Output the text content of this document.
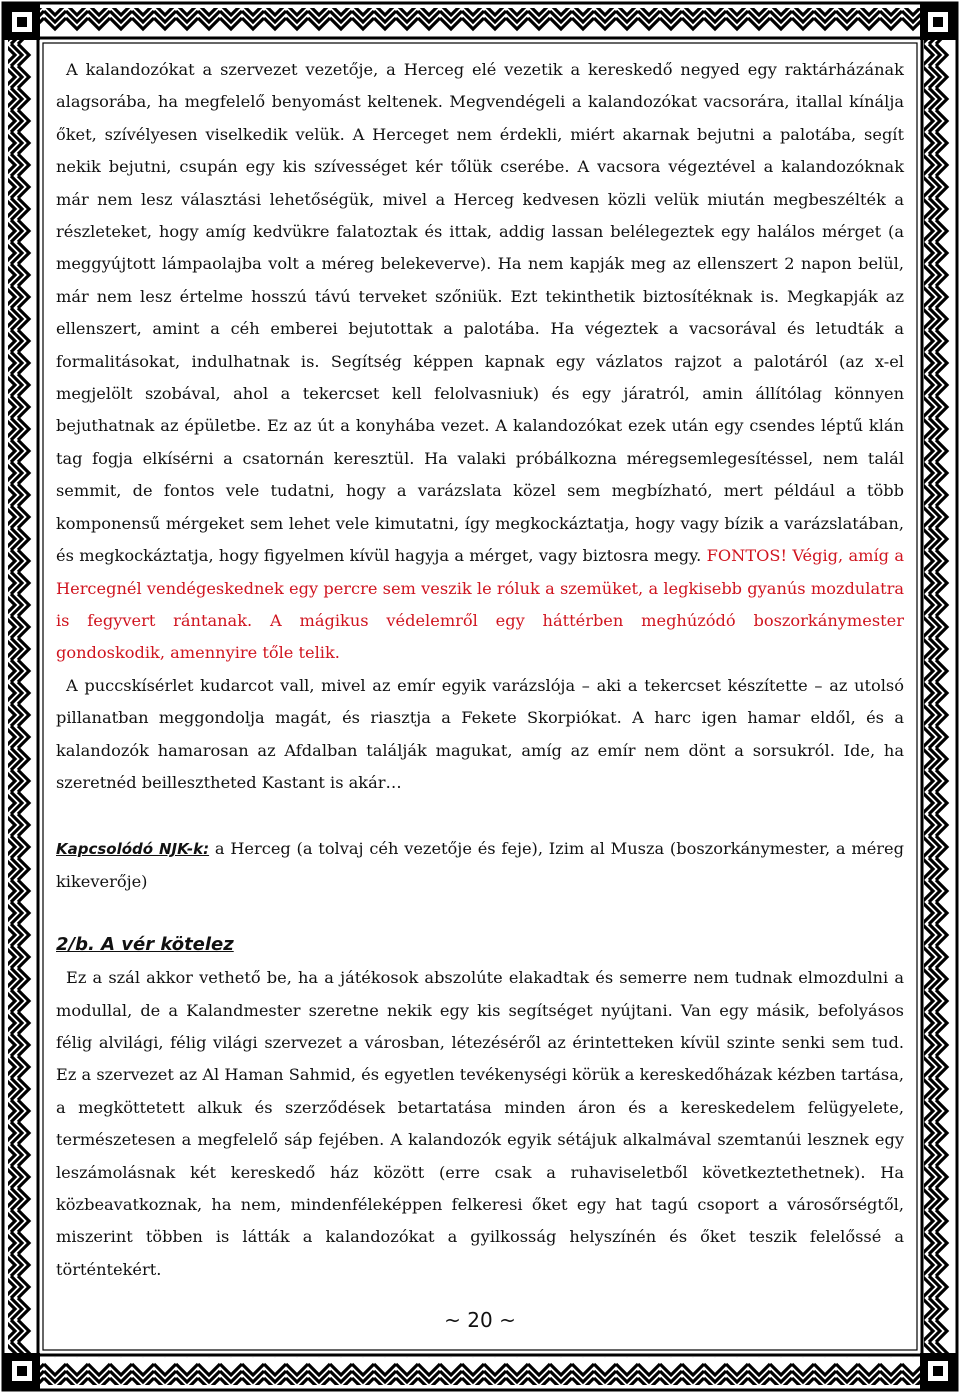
A kalandozókat a szervezet vezetője, a Herceg elé vezetik a kereskedő negyed egy raktárházának alagsorába, ha megfelelő benyomást keltenek. Megvendégeli a kalandozókat vacsorára, itallal kínálja őket, szívélyesen viselkedik velük. A Herceget nem érdekli, miért akarnak bejutni a palotába, segít nekik bejutni, csupán egy kis szívességet kér tőlük cserébe. A vacsora végeztével a kalandozóknak már nem lesz választási lehetőségük, mivel a Herceg kedvesen közli velük miután megbeszélték a részleteket, hogy amíg kedvükre falatoztak és ittak, addig lassan belélegeztek egy halálos mérget (a meggyújtott lámpaolajba volt a méreg belekeverve). Ha nem kapják meg az ellenszert 2 napon belül, már nem lesz értelme hosszú távú terveket szőniük. Ezt tekinthetik biztosítéknak is. Megkapják az ellenszert, amint a céh emberei bejutottak a palotába. Ha végeztek a vacsorával és letudták a formalitásokat, indulhatnak is. Segítség képpen kapnak egy vázlatos rajzot a palotáról (az x-el megjelölt szobával, ahol a tekercset kell felolvasniuk) és egy járatról, amin állítólag könnyen bejuthatnak az épületbe. Ez az út a konyhába vezet. A kalandozókat ezek után egy csendes léptű klán tag fogja elkísérni a csatornán keresztül. Ha valaki próbálkozna méregsemlegesítéssel, nem talál semmit, de fontos vele tudatni, hogy a varázslata közel sem megbízható, mert például a több komponensű mérgeket sem lehet vele kimutatni, így megkockáztatja, hogy vagy bízik a varázslatában, és megkockáztatja, hogy figyelmen kívül hagyja a mérget, vagy biztosra megy. FONTOS! Végig, amíg a Hercegnél vendégeskednek egy percre sem veszik le róluk a szemüket, a legkisebb gyanús mozdulatra is fegyvert rántanak. A mágikus védelemről egy háttérben meghúzódó boszorkánymester gondoskodik, amennyire tőle telik.

A puccskísérlet kudarcot vall, mivel az emír egyik varázslója – aki a tekercset készítette – az utolsó pillanatban meggondolja magát, és riasztja a Fekete Skorpiókat. A harc igen hamar eldől, és a kalandozók hamarosan az Afdalban találják magukat, amíg az emír nem dönt a sorsukról. Ide, ha szeretnéd beillesztheted Kastant is akár…

Kapcsolódó NJK-k: a Herceg (a tolvaj céh vezetője és feje), Izim al Musza (boszorkánymester, a méreg kikeverője)

2/b. A vér kötelez

Ez a szál akkor vethető be, ha a játékosok abszolúte elakadtak és semerre nem tudnak elmozdulni a modullal, de a Kalandmester szeretne nekik egy kis segítséget nyújtani. Van egy másik, befolyásos félig alvilági, félig világi szervezet a városban, létezéséről az érintetteken kívül szinte senki sem tud. Ez a szervezet az Al Haman Sahmid, és egyetlen tevékenységi körük a kereskedőházak kézben tartása, a megköttetett alkuk és szerződések betartatása minden áron és a kereskedelem felügyelete, természetesen a megfelelő sáp fejében. A kalandozók egyik sétájuk alkalmával szemtanúi lesznek egy leszámolásnak két kereskedő ház között (erre csak a ruhaviseletből következtethetnek). Ha közbeavatkoznak, ha nem, mindenféleképpen felkeresi őket egy hat tagú csoport a városőrségtől, miszerint többen is látták a kalandozókat a gyilkosság helyszínén és őket teszik felelőssé a történtekért.

~ 20 ~
